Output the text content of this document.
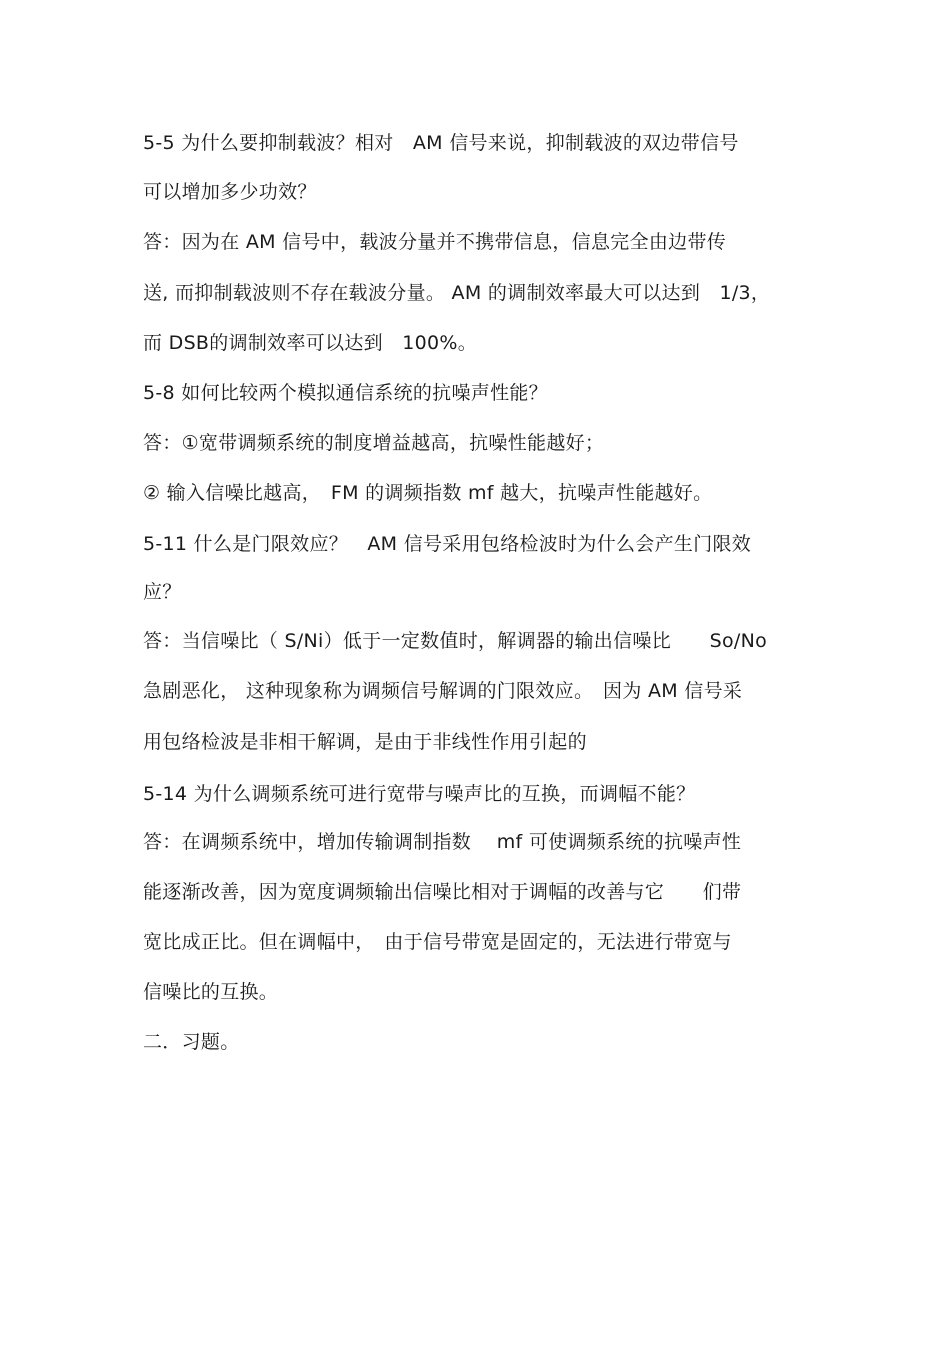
5-5 为什么要抑制载波？相对　AM 信号来说，抑制载波的双边带信号
可以增加多少功效？
答：因为在 AM 信号中，载波分量并不携带信息，信息完全由边带传
送, 而抑制载波则不存在载波分量。 AM 的调制效率最大可以达到　1/3，
而 DSB的调制效率可以达到　100%。
5-8 如何比较两个模拟通信系统的抗噪声性能？
答：①宽带调频系统的制度增益越高，抗噪性能越好；
② 输入信噪比越高，　FM 的调频指数 mf 越大，抗噪声性能越好。
5-11 什么是门限效应？　AM 信号采用包络检波时为什么会产生门限效
应？
答：当信噪比（ S/Ni）低于一定数值时，解调器的输出信噪比　　So/No
急剧恶化， 这种现象称为调频信号解调的门限效应。　因为 AM 信号采
用包络检波是非相干解调，是由于非线性作用引起的
5-14 为什么调频系统可进行宽带与噪声比的互换，而调幅不能？
答：在调频系统中，增加传输调制指数　 mf 可使调频系统的抗噪声性
能逐渐改善，因为宽度调频输出信噪比相对于调幅的改善与它　　们带
宽比成正比。但在调幅中，　由于信号带宽是固定的，无法进行带宽与
信噪比的互换。
二．习题。
